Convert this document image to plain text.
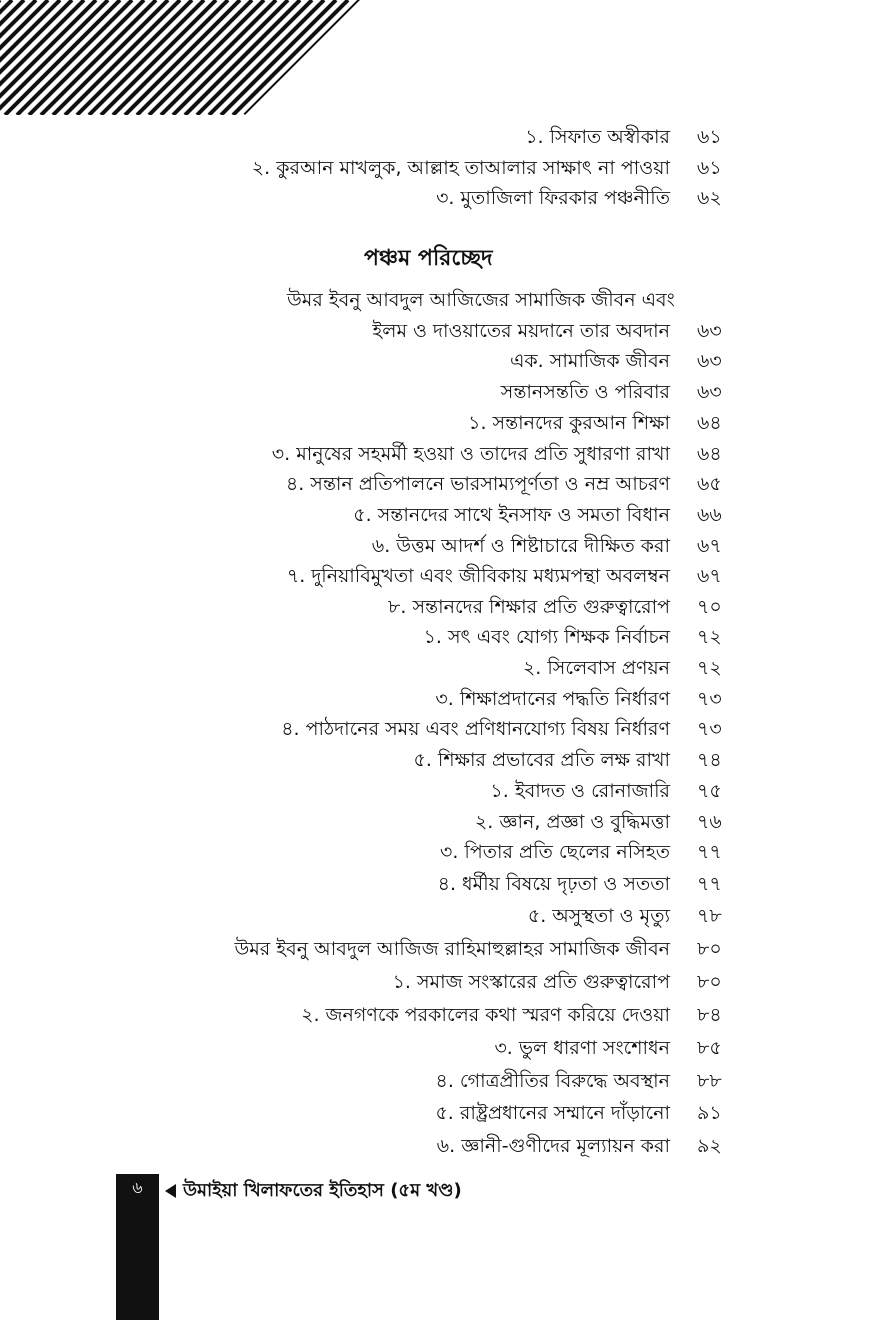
১. সিফাত অস্বীকার ৬১
২. কুরআন মাখলুক, আল্লাহ তাআলার সাক্ষাৎ না পাওয়া ৬১
৩. মুতাজিলা ফিরকার পঞ্চনীতি ৬২
পঞ্চম পরিচ্ছেদ
উমর ইবনু আবদুল আজিজের সামাজিক জীবন এবং
ইলম ও দাওয়াতের ময়দানে তার অবদান ৬৩
এক. সামাজিক জীবন ৬৩
সন্তানসন্ততি ও পরিবার ৬৩
১. সন্তানদের কুরআন শিক্ষা ৬৪
৩. মানুষের সহমর্মী হওয়া ও তাদের প্রতি সুধারণা রাখা ৬৪
৪. সন্তান প্রতিপালনে ভারসাম্যপূর্ণতা ও নম্র আচরণ ৬৫
৫. সন্তানদের সাথে ইনসাফ ও সমতা বিধান ৬৬
৬. উত্তম আদর্শ ও শিষ্টাচারে দীক্ষিত করা ৬৭
৭. দুনিয়াবিমুখতা এবং জীবিকায় মধ্যমপন্থা অবলম্বন ৬৭
৮. সন্তানদের শিক্ষার প্রতি গুরুত্বারোপ ৭০
১. সৎ এবং যোগ্য শিক্ষক নির্বাচন ৭২
২. সিলেবাস প্রণয়ন ৭২
৩. শিক্ষাপ্রদানের পদ্ধতি নির্ধারণ ৭৩
৪. পাঠদানের সময় এবং প্রণিধানযোগ্য বিষয় নির্ধারণ ৭৩
৫. শিক্ষার প্রভাবের প্রতি লক্ষ রাখা ৭৪
১. ইবাদত ও রোনাজারি ৭৫
২. জ্ঞান, প্রজ্ঞা ও বুদ্ধিমত্তা ৭৬
৩. পিতার প্রতি ছেলের নসিহত ৭৭
৪. ধর্মীয় বিষয়ে দৃঢ়তা ও সততা ৭৭
৫. অসুস্থতা ও মৃত্যু ৭৮
উমর ইবনু আবদুল আজিজ রাহিমাহুল্লাহর সামাজিক জীবন ৮০
১. সমাজ সংস্কারের প্রতি গুরুত্বারোপ ৮০
২. জনগণকে পরকালের কথা স্মরণ করিয়ে দেওয়া ৮৪
৩. ভুল ধারণা সংশোধন ৮৫
৪. গোত্রপ্রীতির বিরুদ্ধে অবস্থান ৮৮
৫. রাষ্ট্রপ্রধানের সম্মানে দাঁড়ানো ৯১
৬. জ্ঞানী-গুণীদের মূল্যায়ন করা ৯২
৬	উমাইয়া খিলাফতের ইতিহাস (৫ম খণ্ড)
